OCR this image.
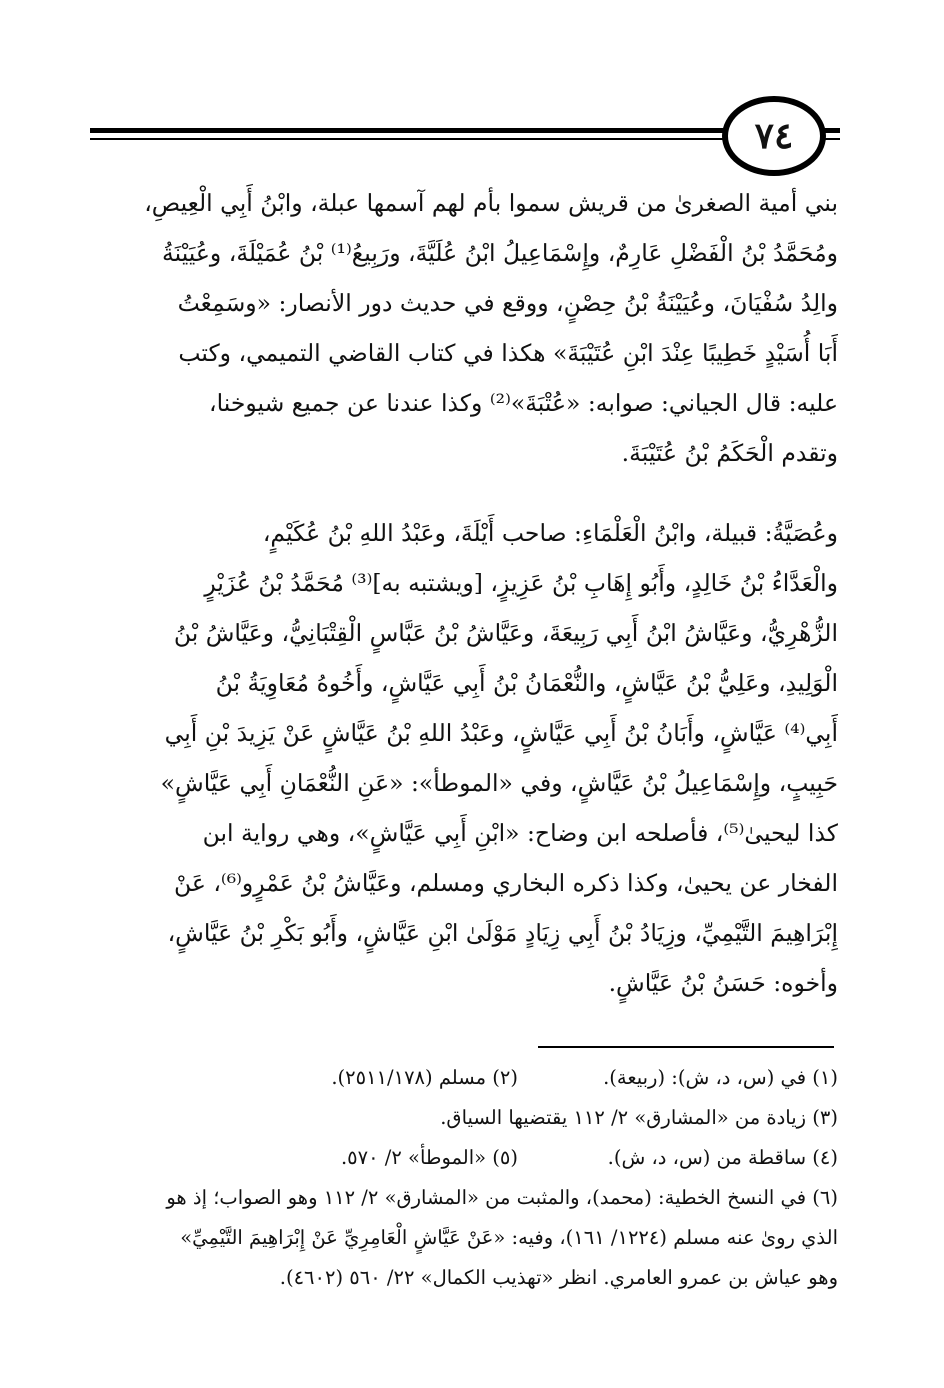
٧٤
بني أمية الصغرىٰ من قريش سموا بأم لهم آسمها عبلة، وابْنُ أَبِي الْعِيصِ،
ومُحَمَّدُ بْنُ الْفَضْلِ عَارِمٌ، وإِسْمَاعِيلُ ابْنُ عُلَيَّةَ، ورَبِيعُ⁽¹⁾ بْنُ عُمَيْلَةَ، وعُيَيْنَةُ
والِدُ سُفْيَانَ، وعُيَيْنَةُ بْنُ حِصْنٍ، ووقع في حديث دور الأنصار: «وسَمِعْتُ
أَبَا أُسَيْدٍ خَطِيبًا عِنْدَ ابْنِ عُتَيْبَةَ» هكذا في كتاب القاضي التميمي، وكتب
عليه: قال الجياني: صوابه: «عُتْبَةَ»⁽²⁾ وكذا عندنا عن جميع شيوخنا،
وتقدم الْحَكَمُ بْنُ عُتَيْبَةَ.
وعُصَيَّةُ: قبيلة، وابْنُ الْعَلْمَاءِ: صاحب أَيْلَةَ، وعَبْدُ اللهِ بْنُ عُكَيْمٍ،
والْعَدَّاءُ بْنُ خَالِدٍ، وأَبُو إِهَابِ بْنُ عَزِيزٍ، [ويشتبه به]⁽³⁾ مُحَمَّدُ بْنُ عُزَيْرٍ
الزُّهْرِيُّ، وعَيَّاشُ ابْنُ أَبِي رَبِيعَةَ، وعَيَّاشُ بْنُ عَبَّاسٍ الْقِتْبَانِيُّ، وعَيَّاشُ بْنُ
الْوَلِيدِ، وعَلِيُّ بْنُ عَيَّاشٍ، والنُّعْمَانُ بْنُ أَبِي عَيَّاشٍ، وأَخُوهُ مُعَاوِيَةُ بْنُ
أَبِي⁽⁴⁾ عَيَّاشٍ، وأَبَانُ بْنُ أَبِي عَيَّاشٍ، وعَبْدُ اللهِ بْنُ عَيَّاشٍ عَنْ يَزِيدَ بْنِ أَبِي
حَبِيبٍ، وإِسْمَاعِيلُ بْنُ عَيَّاشٍ، وفي «الموطأ»: «عَنِ النُّعْمَانِ أَبِي عَيَّاشٍ»
كذا ليحيىٰ⁽⁵⁾، فأصلحه ابن وضاح: «ابْنِ أَبِي عَيَّاشٍ»، وهي رواية ابن
الفخار عن يحيىٰ، وكذا ذكره البخاري ومسلم، وعَيَّاشُ بْنُ عَمْرٍو⁽⁶⁾، عَنْ
إِبْرَاهِيمَ التَّيْمِيِّ، وزِيَادُ بْنُ أَبِي زِيَادٍ مَوْلَىٰ ابْنِ عَيَّاشٍ، وأَبُو بَكْرِ بْنُ عَيَّاشٍ،
وأخوه: حَسَنُ بْنُ عَيَّاشٍ.
(١) في (س، د، ش): (ربيعة).
(٢) مسلم (٢٥١١/١٧٨).
(٣) زيادة من «المشارق» ٢/ ١١٢ يقتضيها السياق.
(٤) ساقطة من (س، د، ش).
(٥) «الموطأ» ٢/ ٥٧٠.
(٦) في النسخ الخطية: (محمد)، والمثبت من «المشارق» ٢/ ١١٢ وهو الصواب؛ إذ هو
الذي روىٰ عنه مسلم (١٢٢٤/ ١٦١)، وفيه: «عَنْ عَيَّاشٍ الْعَامِرِيِّ عَنْ إِبْرَاهِيمَ التَّيْمِيِّ»
وهو عياش بن عمرو العامري. انظر «تهذيب الكمال» ٢٢/ ٥٦٠ (٤٦٠٢).
